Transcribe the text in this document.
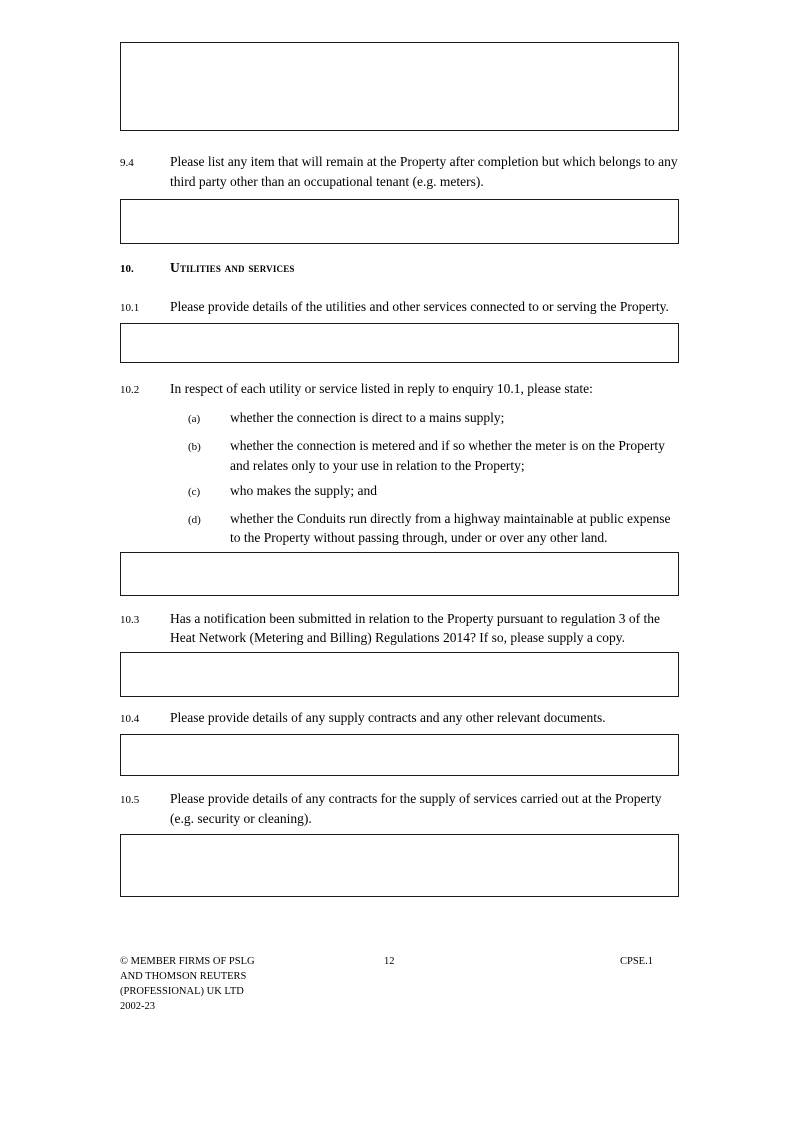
9.4	Please list any item that will remain at the Property after completion but which belongs to any third party other than an occupational tenant (e.g. meters).
10.	Utilities and services
10.1	Please provide details of the utilities and other services connected to or serving the Property.
10.2	In respect of each utility or service listed in reply to enquiry 10.1, please state:
(a)	whether the connection is direct to a mains supply;
(b)	whether the connection is metered and if so whether the meter is on the Property and relates only to your use in relation to the Property;
(c)	who makes the supply; and
(d)	whether the Conduits run directly from a highway maintainable at public expense to the Property without passing through, under or over any other land.
10.3	Has a notification been submitted in relation to the Property pursuant to regulation 3 of the Heat Network (Metering and Billing) Regulations 2014? If so, please supply a copy.
10.4	Please provide details of any supply contracts and any other relevant documents.
10.5	Please provide details of any contracts for the supply of services carried out at the Property (e.g. security or cleaning).
© MEMBER FIRMS OF PSLG
AND THOMSON REUTERS
(PROFESSIONAL) UK LTD
2002-23
12	CPSE.1
